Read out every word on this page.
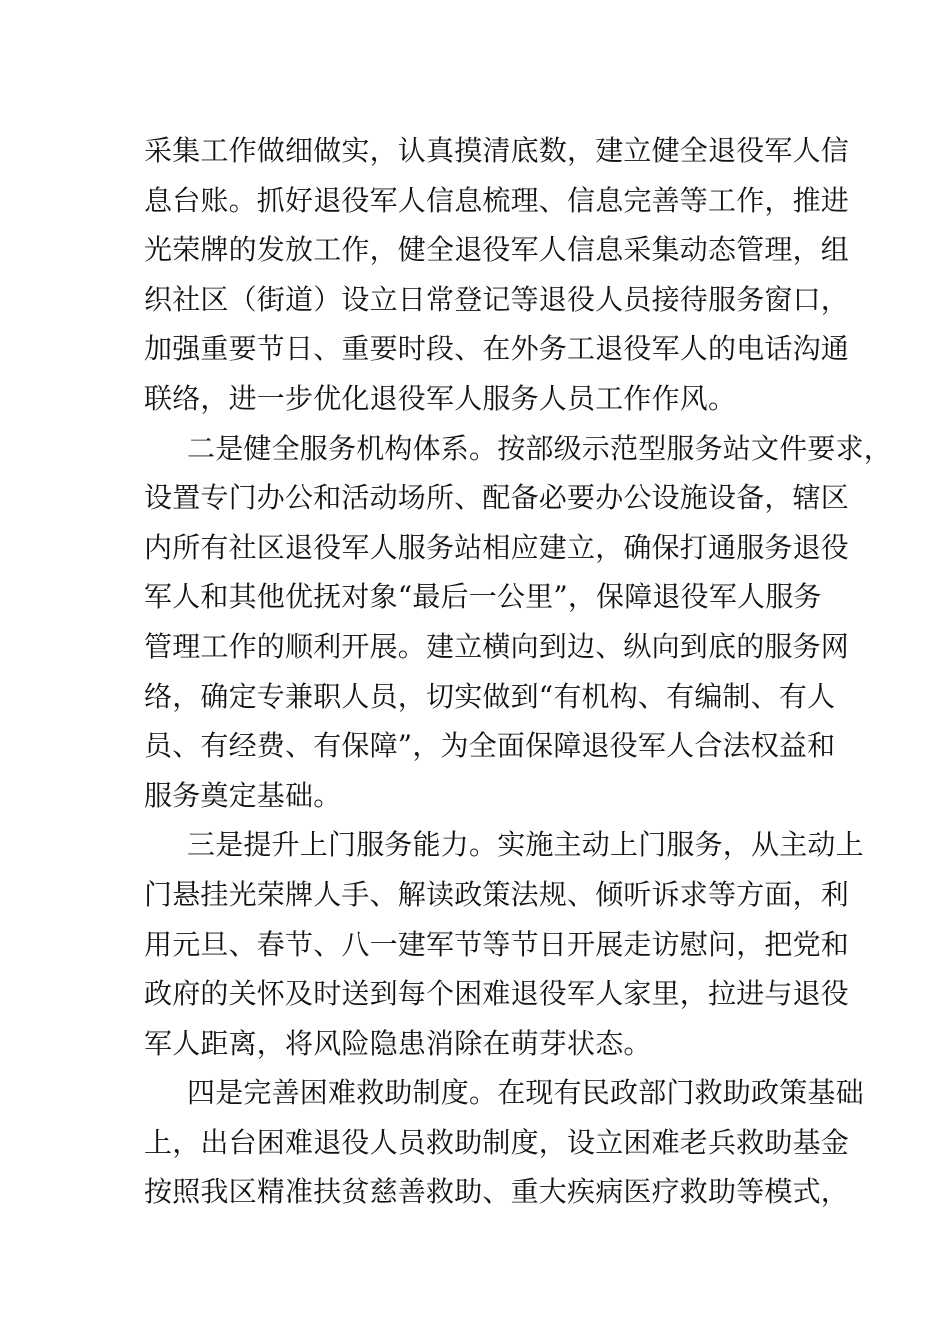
采集工作做细做实，认真摸清底数，建立健全退役军人信
息台账。抓好退役军人信息梳理、信息完善等工作，推进
光荣牌的发放工作，健全退役军人信息采集动态管理，组
织社区（街道）设立日常登记等退役人员接待服务窗口，
加强重要节日、重要时段、在外务工退役军人的电话沟通
联络，进一步优化退役军人服务人员工作作风。
二是健全服务机构体系。按部级示范型服务站文件要求，
设置专门办公和活动场所、配备必要办公设施设备，辖区
内所有社区退役军人服务站相应建立，确保打通服务退役
军人和其他优抚对象“最后一公里”，保障退役军人服务
管理工作的顺利开展。建立横向到边、纵向到底的服务网
络，确定专兼职人员，切实做到“有机构、有编制、有人
员、有经费、有保障”，为全面保障退役军人合法权益和
服务奠定基础。
三是提升上门服务能力。实施主动上门服务，从主动上
门悬挂光荣牌人手、解读政策法规、倾听诉求等方面，利
用元旦、春节、八一建军节等节日开展走访慰问，把党和
政府的关怀及时送到每个困难退役军人家里，拉进与退役
军人距离，将风险隐患消除在萌芽状态。
四是完善困难救助制度。在现有民政部门救助政策基础
上，出台困难退役人员救助制度，设立困难老兵救助基金
按照我区精准扶贫慈善救助、重大疾病医疗救助等模式，
